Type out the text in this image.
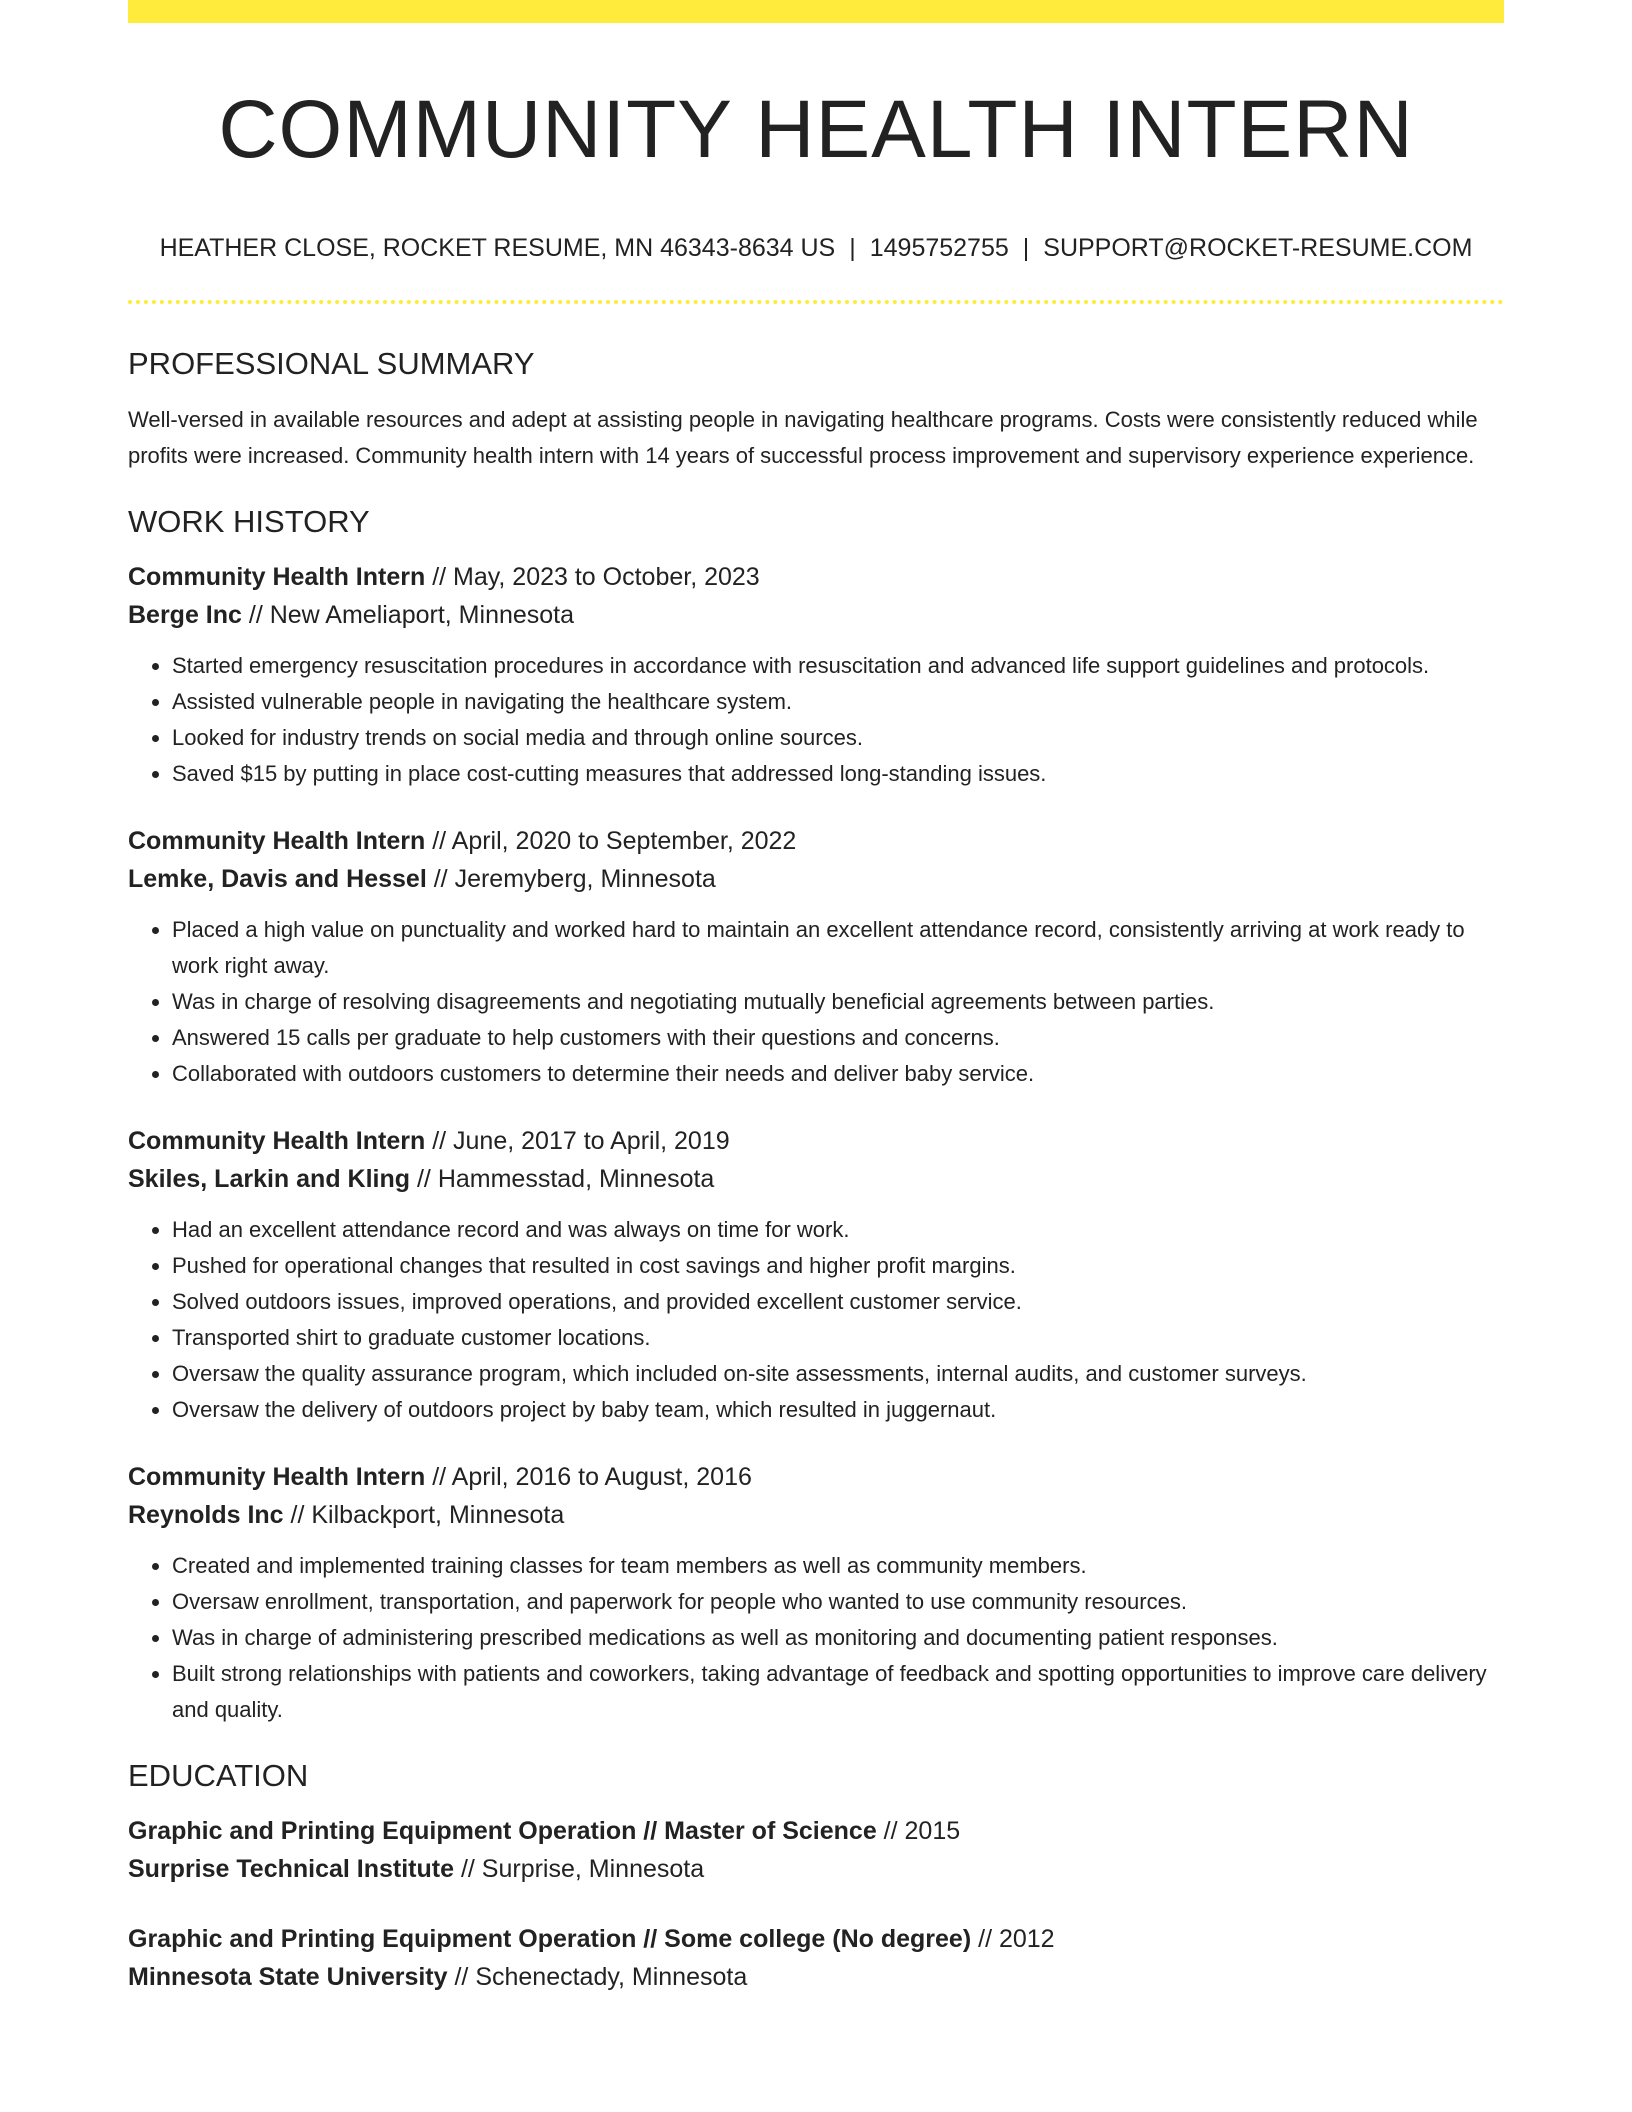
COMMUNITY HEALTH INTERN
HEATHER CLOSE, ROCKET RESUME, MN 46343-8634 US | 1495752755 | SUPPORT@ROCKET-RESUME.COM
PROFESSIONAL SUMMARY
Well-versed in available resources and adept at assisting people in navigating healthcare programs. Costs were consistently reduced while profits were increased. Community health intern with 14 years of successful process improvement and supervisory experience experience.
WORK HISTORY
Community Health Intern // May, 2023 to October, 2023
Berge Inc // New Ameliaport, Minnesota
• Started emergency resuscitation procedures in accordance with resuscitation and advanced life support guidelines and protocols.
• Assisted vulnerable people in navigating the healthcare system.
• Looked for industry trends on social media and through online sources.
• Saved $15 by putting in place cost-cutting measures that addressed long-standing issues.
Community Health Intern // April, 2020 to September, 2022
Lemke, Davis and Hessel // Jeremyberg, Minnesota
• Placed a high value on punctuality and worked hard to maintain an excellent attendance record, consistently arriving at work ready to work right away.
• Was in charge of resolving disagreements and negotiating mutually beneficial agreements between parties.
• Answered 15 calls per graduate to help customers with their questions and concerns.
• Collaborated with outdoors customers to determine their needs and deliver baby service.
Community Health Intern // June, 2017 to April, 2019
Skiles, Larkin and Kling // Hammesstad, Minnesota
• Had an excellent attendance record and was always on time for work.
• Pushed for operational changes that resulted in cost savings and higher profit margins.
• Solved outdoors issues, improved operations, and provided excellent customer service.
• Transported shirt to graduate customer locations.
• Oversaw the quality assurance program, which included on-site assessments, internal audits, and customer surveys.
• Oversaw the delivery of outdoors project by baby team, which resulted in juggernaut.
Community Health Intern // April, 2016 to August, 2016
Reynolds Inc // Kilbackport, Minnesota
• Created and implemented training classes for team members as well as community members.
• Oversaw enrollment, transportation, and paperwork for people who wanted to use community resources.
• Was in charge of administering prescribed medications as well as monitoring and documenting patient responses.
• Built strong relationships with patients and coworkers, taking advantage of feedback and spotting opportunities to improve care delivery and quality.
EDUCATION
Graphic and Printing Equipment Operation // Master of Science // 2015
Surprise Technical Institute // Surprise, Minnesota
Graphic and Printing Equipment Operation // Some college (No degree) // 2012
Minnesota State University // Schenectady, Minnesota
